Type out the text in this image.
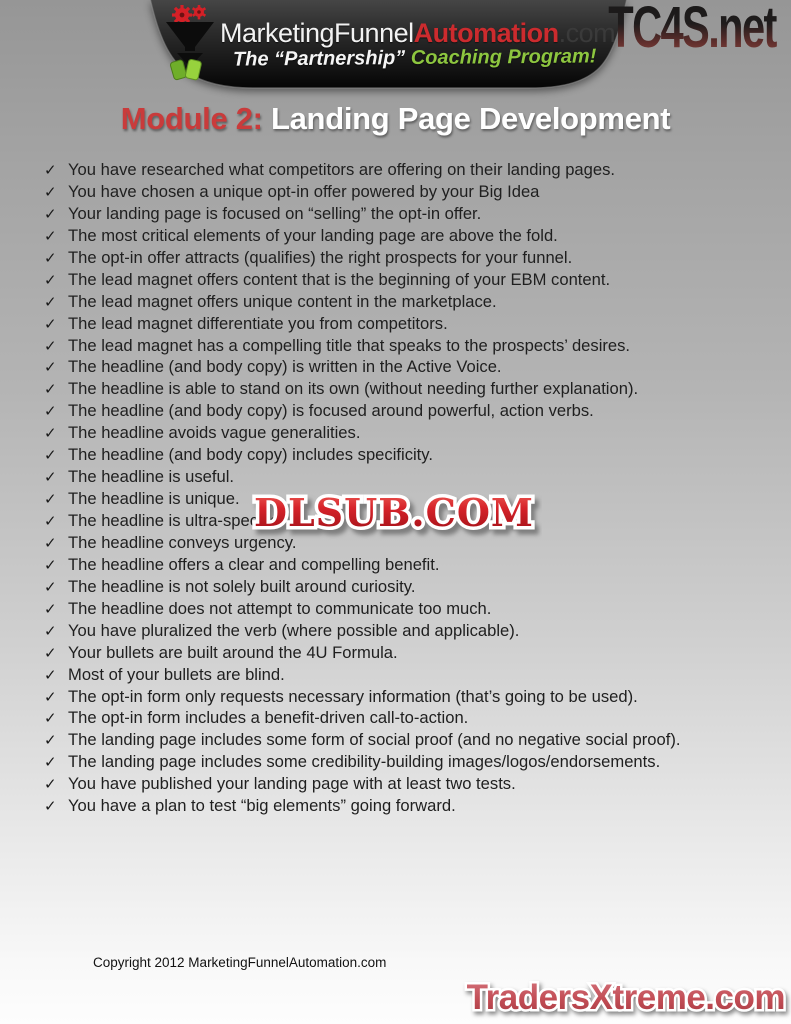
MarketingFunnelAutomation.com
The “Partnership” Coaching Program! TC4S.net
Module 2: Landing Page Development
✓ You have researched what competitors are offering on their landing pages.
✓ You have chosen a unique opt-in offer powered by your Big Idea
✓ Your landing page is focused on “selling” the opt-in offer.
✓ The most critical elements of your landing page are above the fold.
✓ The opt-in offer attracts (qualifies) the right prospects for your funnel.
✓ The lead magnet offers content that is the beginning of your EBM content.
✓ The lead magnet offers unique content in the marketplace.
✓ The lead magnet differentiate you from competitors.
✓ The lead magnet has a compelling title that speaks to the prospects’ desires.
✓ The headline (and body copy) is written in the Active Voice.
✓ The headline is able to stand on its own (without needing further explanation).
✓ The headline (and body copy) is focused around powerful, action verbs.
✓ The headline avoids vague generalities.
✓ The headline (and body copy) includes specificity.
✓ The headline is useful.
✓ The headline is unique.
✓ The headline is ultra-specific.
✓ The headline conveys urgency.
✓ The headline offers a clear and compelling benefit.
✓ The headline is not solely built around curiosity.
✓ The headline does not attempt to communicate too much.
✓ You have pluralized the verb (where possible and applicable).
✓ Your bullets are built around the 4U Formula.
✓ Most of your bullets are blind.
✓ The opt-in form only requests necessary information (that’s going to be used).
✓ The opt-in form includes a benefit-driven call-to-action.
✓ The landing page includes some form of social proof (and no negative social proof).
✓ The landing page includes some credibility-building images/logos/endorsements.
✓ You have published your landing page with at least two tests.
✓ You have a plan to test “big elements” going forward.
DLSUB.COM
Copyright 2012 MarketingFunnelAutomation.com
TradersXtreme.com
